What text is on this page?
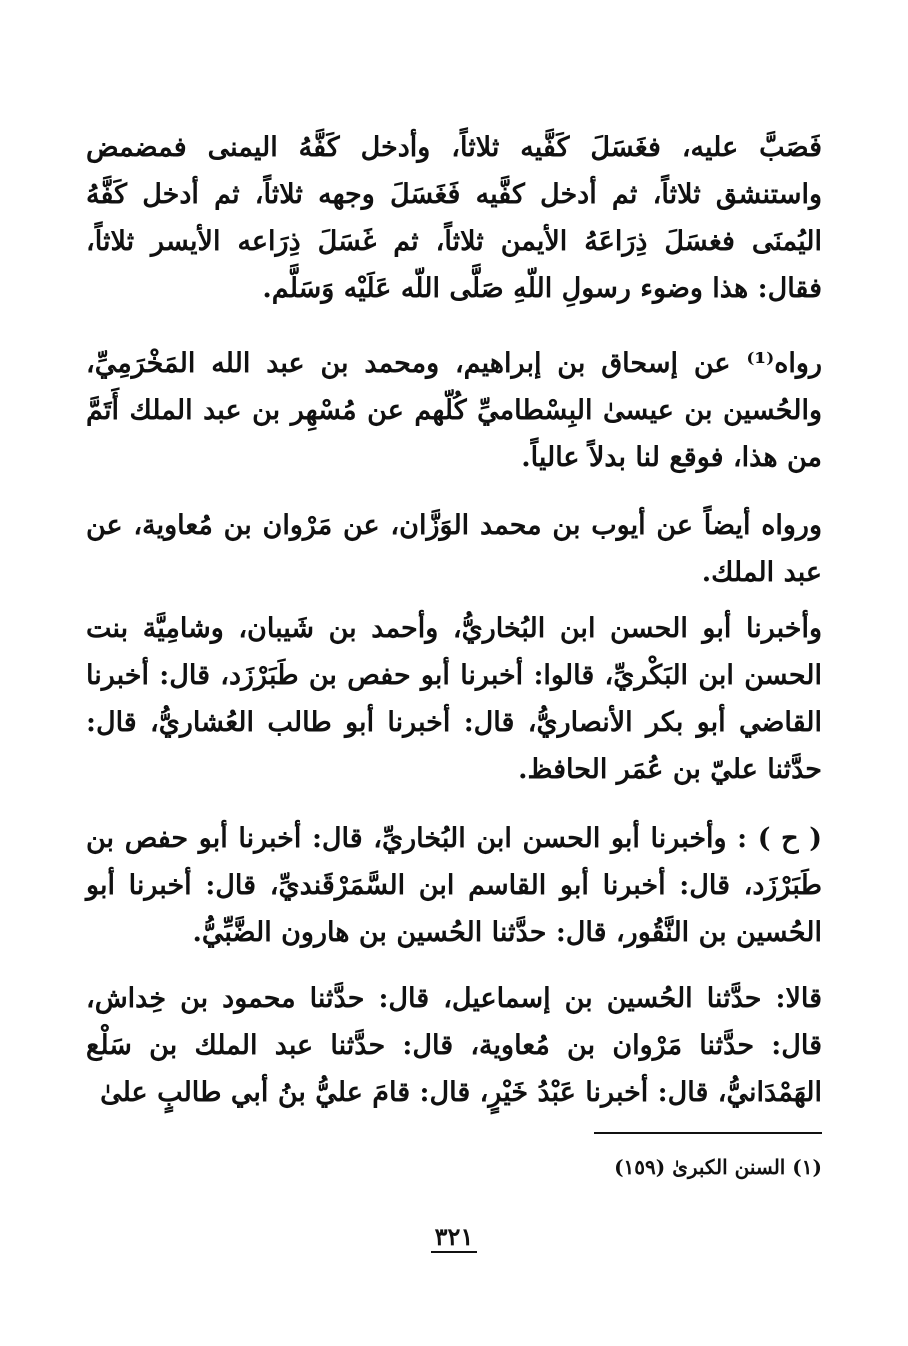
فَصَبَّ عليه، فغَسَلَ كَفَّيه ثلاثاً، وأدخل كَفَّهُ اليمنى فمضمض واستنشق ثلاثاً، ثم أدخل كفَّيه فَغَسَلَ وجهه ثلاثاً، ثم أدخل كَفَّهُ اليُمنَى فغسَلَ ذِرَاعَهُ الأيمن ثلاثاً، ثم غَسَلَ ذِرَاعه الأيسر ثلاثاً، فقال: هذا وضوء رسولِ اللّهِ صَلَّى اللّه عَلَيْه وَسَلَّم.

رواه⁽¹⁾ عن إسحاق بن إبراهيم، ومحمد بن عبد الله المَخْرَمِيِّ، والحُسين بن عيسىٰ البِسْطاميِّ كُلّهم عن مُسْهِر بن عبد الملك أَتَمَّ من هذا، فوقع لنا بدلاً عالياً.

ورواه أيضاً عن أيوب بن محمد الوَزَّان، عن مَرْوان بن مُعاوية، عن عبد الملك.

وأخبرنا أبو الحسن ابن البُخاريُّ، وأحمد بن شَيبان، وشامِيَّة بنت الحسن ابن البَكْريِّ، قالوا: أخبرنا أبو حفص بن طَبَرْزَد، قال: أخبرنا القاضي أبو بكر الأنصاريُّ، قال: أخبرنا أبو طالب العُشاريُّ، قال: حدَّثنا عليّ بن عُمَر الحافظ.

( ح ) : وأخبرنا أبو الحسن ابن البُخاريِّ، قال: أخبرنا أبو حفص بن طَبَرْزَد، قال: أخبرنا أبو القاسم ابن السَّمَرْقَنديِّ، قال: أخبرنا أبو الحُسين بن النَّقُور، قال: حدَّثنا الحُسين بن هارون الضَّبِّيُّ.

قالا: حدَّثنا الحُسين بن إسماعيل، قال: حدَّثنا محمود بن خِداش، قال: حدَّثنا مَرْوان بن مُعاوية، قال: حدَّثنا عبد الملك بن سَلْع الهَمْدَانيُّ، قال: أخبرنا عَبْدُ خَيْرٍ، قال: قامَ عليُّ بنُ أبي طالبٍ علىٰ

(١) السنن الكبرىٰ (١٥٩)
٣٢١
